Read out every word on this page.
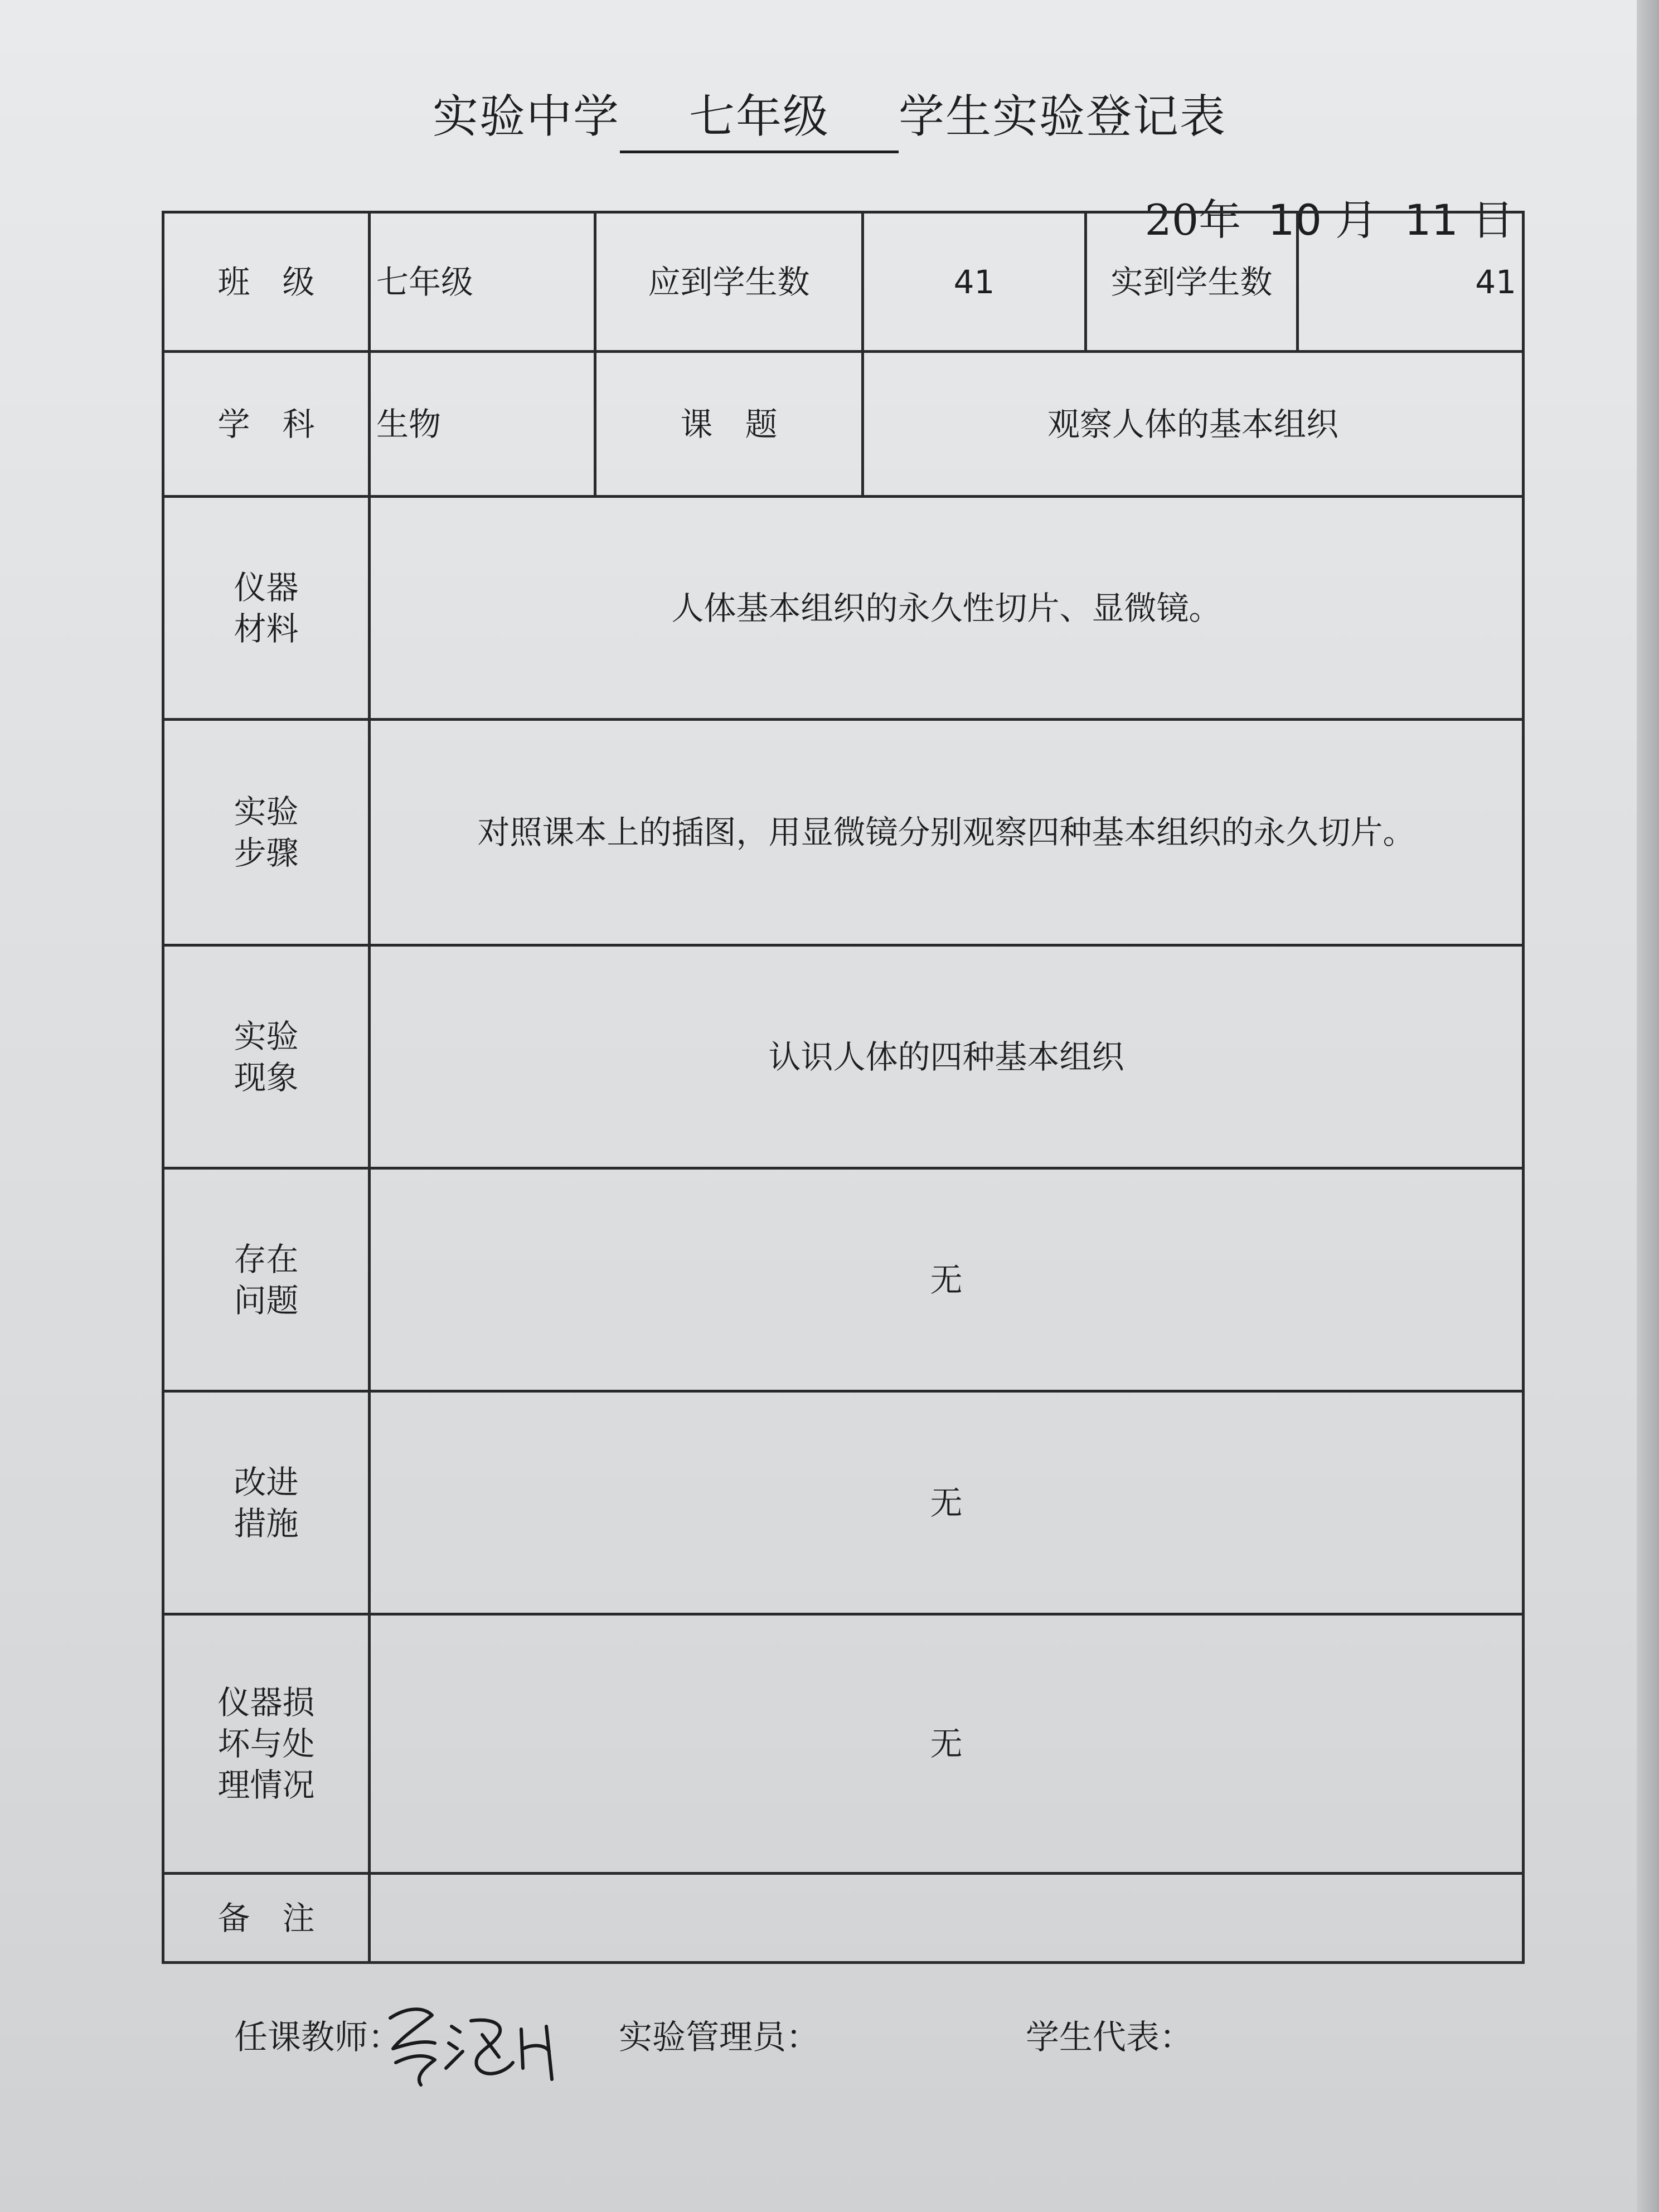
实验中学 七年级 学生实验登记表
20年 10 月 11 日
班　级	七年级	应到学生数	41	实到学生数	41
学　科	生物	课　题	观察人体的基本组织		

仪器
材料	人体基本组织的永久性切片、显微镜。				

实验
步骤	对照课本上的插图，用显微镜分别观察四种基本组织的永久切片。				

实验
现象	认识人体的四种基本组织				

存在
问题	无				

改进
措施	无				

仪器损
坏与处
理情况	无				
备　注					
任课教师：	实验管理员：	学生代表：
